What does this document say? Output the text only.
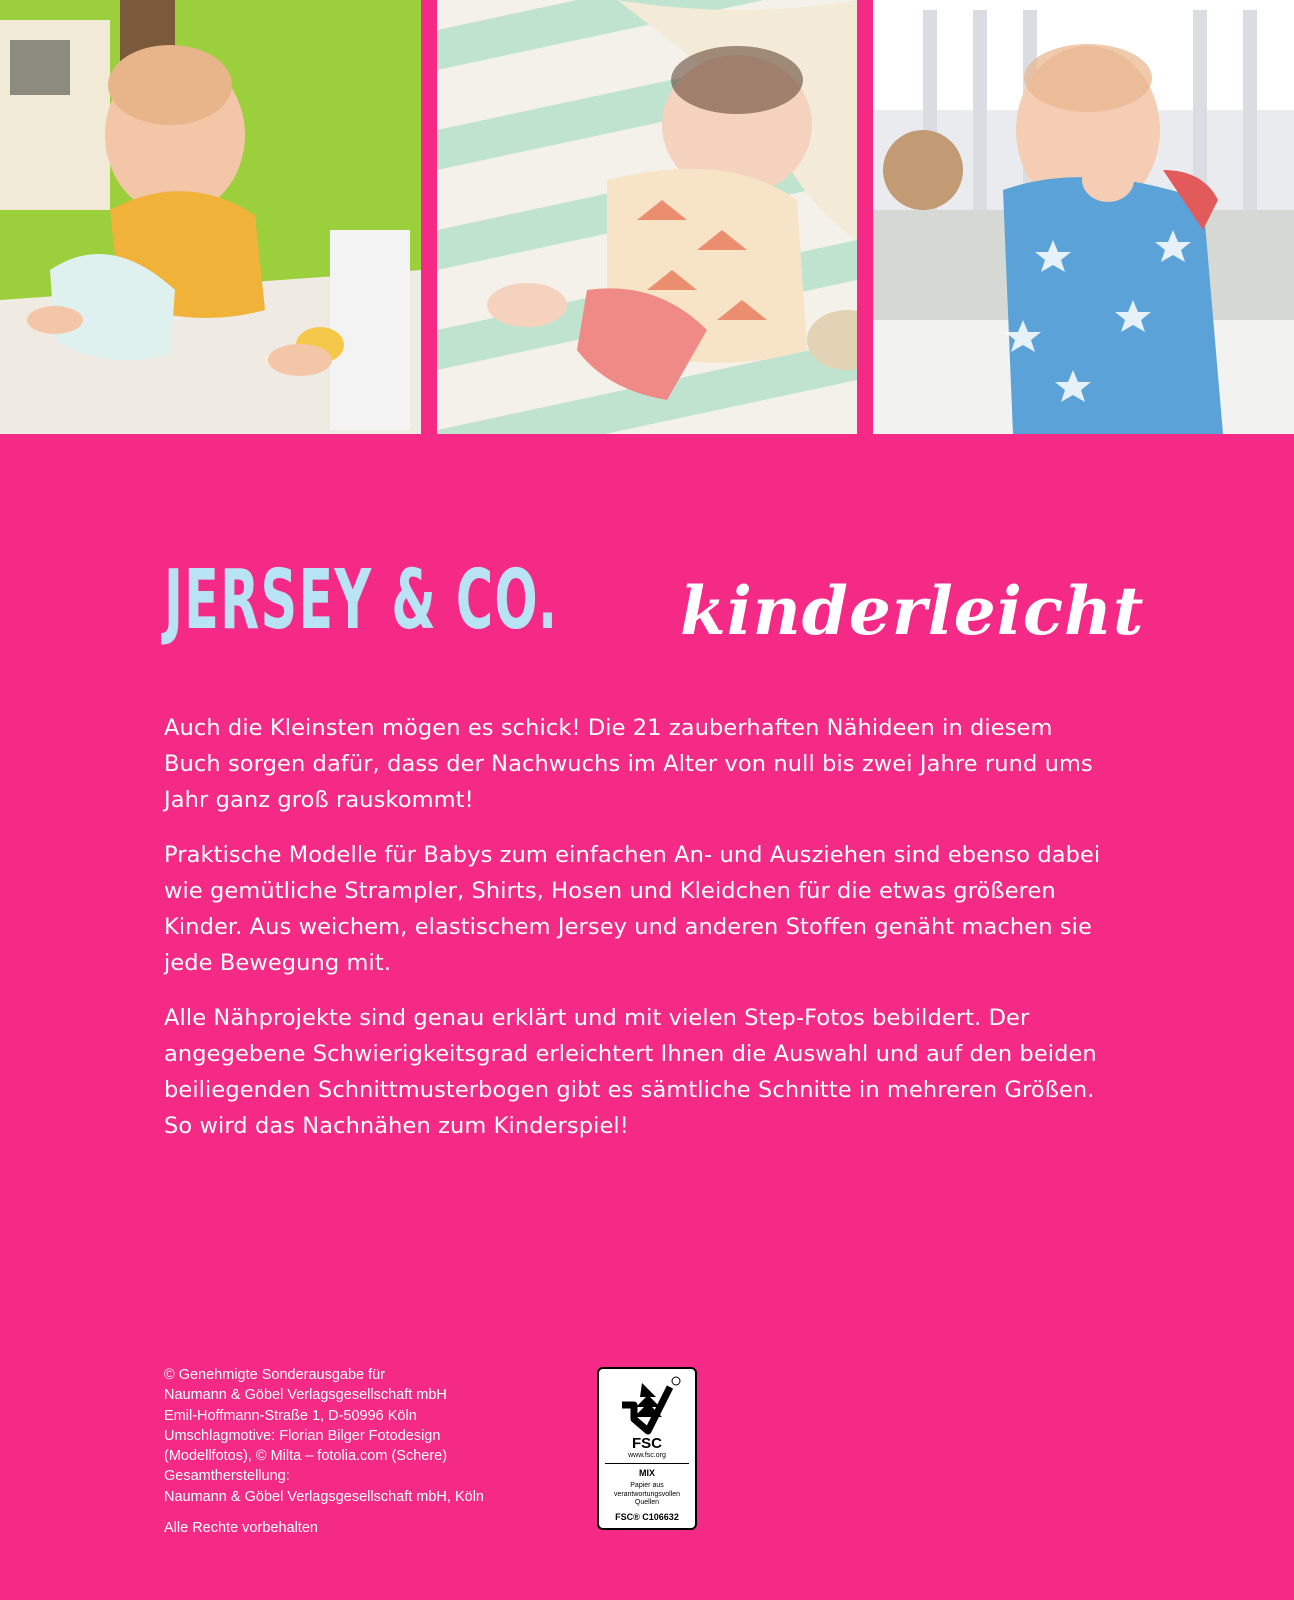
JERSEY & CO. kinderleicht

Auch die Kleinsten mögen es schick! Die 21 zauberhaften Nähideen in diesem Buch sorgen dafür, dass der Nachwuchs im Alter von null bis zwei Jahre rund ums Jahr ganz groß rauskommt!

Praktische Modelle für Babys zum einfachen An- und Ausziehen sind ebenso dabei wie gemütliche Strampler, Shirts, Hosen und Kleidchen für die etwas größeren Kinder. Aus weichem, elastischem Jersey und anderen Stoffen genäht machen sie jede Bewegung mit.

Alle Nähprojekte sind genau erklärt und mit vielen Step-Fotos bebildert. Der angegebene Schwierigkeitsgrad erleichtert Ihnen die Auswahl und auf den beiden beiliegenden Schnittmusterbogen gibt es sämtliche Schnitte in mehreren Größen. So wird das Nachnähen zum Kinderspiel!

© Genehmigte Sonderausgabe für
Naumann & Göbel Verlagsgesellschaft mbH
Emil-Hoffmann-Straße 1, D-50996 Köln
Umschlagmotive: Florian Bilger Fotodesign
(Modellfotos), © Milta – fotolia.com (Schere)
Gesamtherstellung:
Naumann & Göbel Verlagsgesellschaft mbH, Köln
Alle Rechte vorbehalten
FSC
www.fsc.org
MIX
Papier aus verantwortungsvollen Quellen
FSC® C106632
